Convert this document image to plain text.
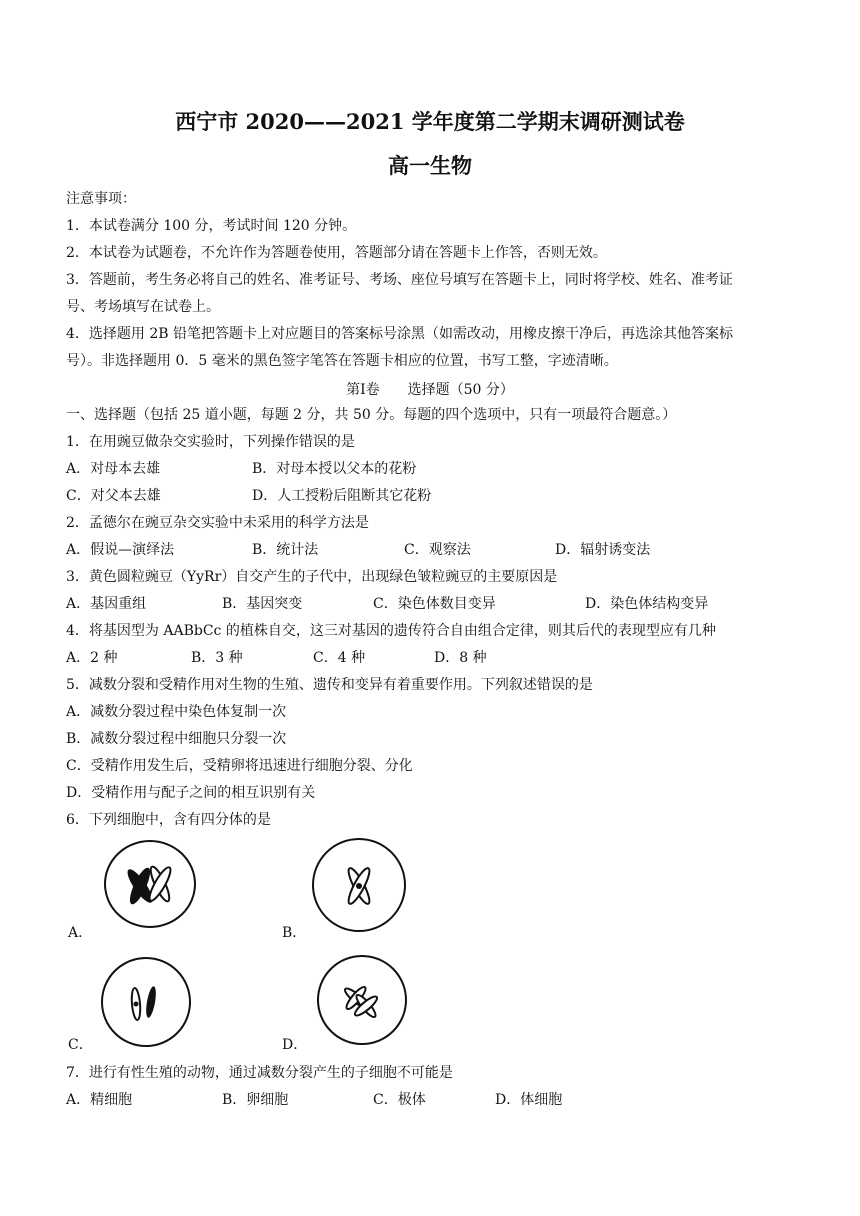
西宁市 2020——2021 学年度第二学期末调研测试卷
高一生物
注意事项：
1．本试卷满分 100 分，考试时间 120 分钟。
2．本试卷为试题卷，不允许作为答题卷使用，答题部分请在答题卡上作答，否则无效。
3．答题前，考生务必将自己的姓名、准考证号、考场、座位号填写在答题卡上，同时将学校、姓名、准考证
号、考场填写在试卷上。
4．选择题用 2B 铅笔把答题卡上对应题目的答案标号涂黑（如需改动，用橡皮擦干净后，再选涂其他答案标
号）。非选择题用 0．5 毫米的黑色签字笔答在答题卡相应的位置，书写工整，字迹清晰。
第Ⅰ卷　　选择题（50 分）
一、选择题（包括 25 道小题，每题 2 分，共 50 分。每题的四个选项中，只有一项最符合题意。）
1．在用豌豆做杂交实验时，下列操作错误的是
A．对母本去雄	B．对母本授以父本的花粉
C．对父本去雄	D．人工授粉后阻断其它花粉
2．孟德尔在豌豆杂交实验中未采用的科学方法是
A．假说—演绎法	B．统计法	C．观察法	D．辐射诱变法
3．黄色圆粒豌豆（YyRr）自交产生的子代中，出现绿色皱粒豌豆的主要原因是
A．基因重组	B．基因突变	C．染色体数目变异	D．染色体结构变异
4．将基因型为 AABbCc 的植株自交，这三对基因的遗传符合自由组合定律，则其后代的表现型应有几种
A．2 种	B．3 种	C．4 种	D．8 种
5．减数分裂和受精作用对生物的生殖、遗传和变异有着重要作用。下列叙述错误的是
A．减数分裂过程中染色体复制一次
B．减数分裂过程中细胞只分裂一次
C．受精作用发生后，受精卵将迅速进行细胞分裂、分化
D．受精作用与配子之间的相互识别有关
6．下列细胞中，含有四分体的是
A．	B．
C．	D．
7．进行有性生殖的动物，通过减数分裂产生的子细胞不可能是
A．精细胞	B．卵细胞	C．极体	D．体细胞
